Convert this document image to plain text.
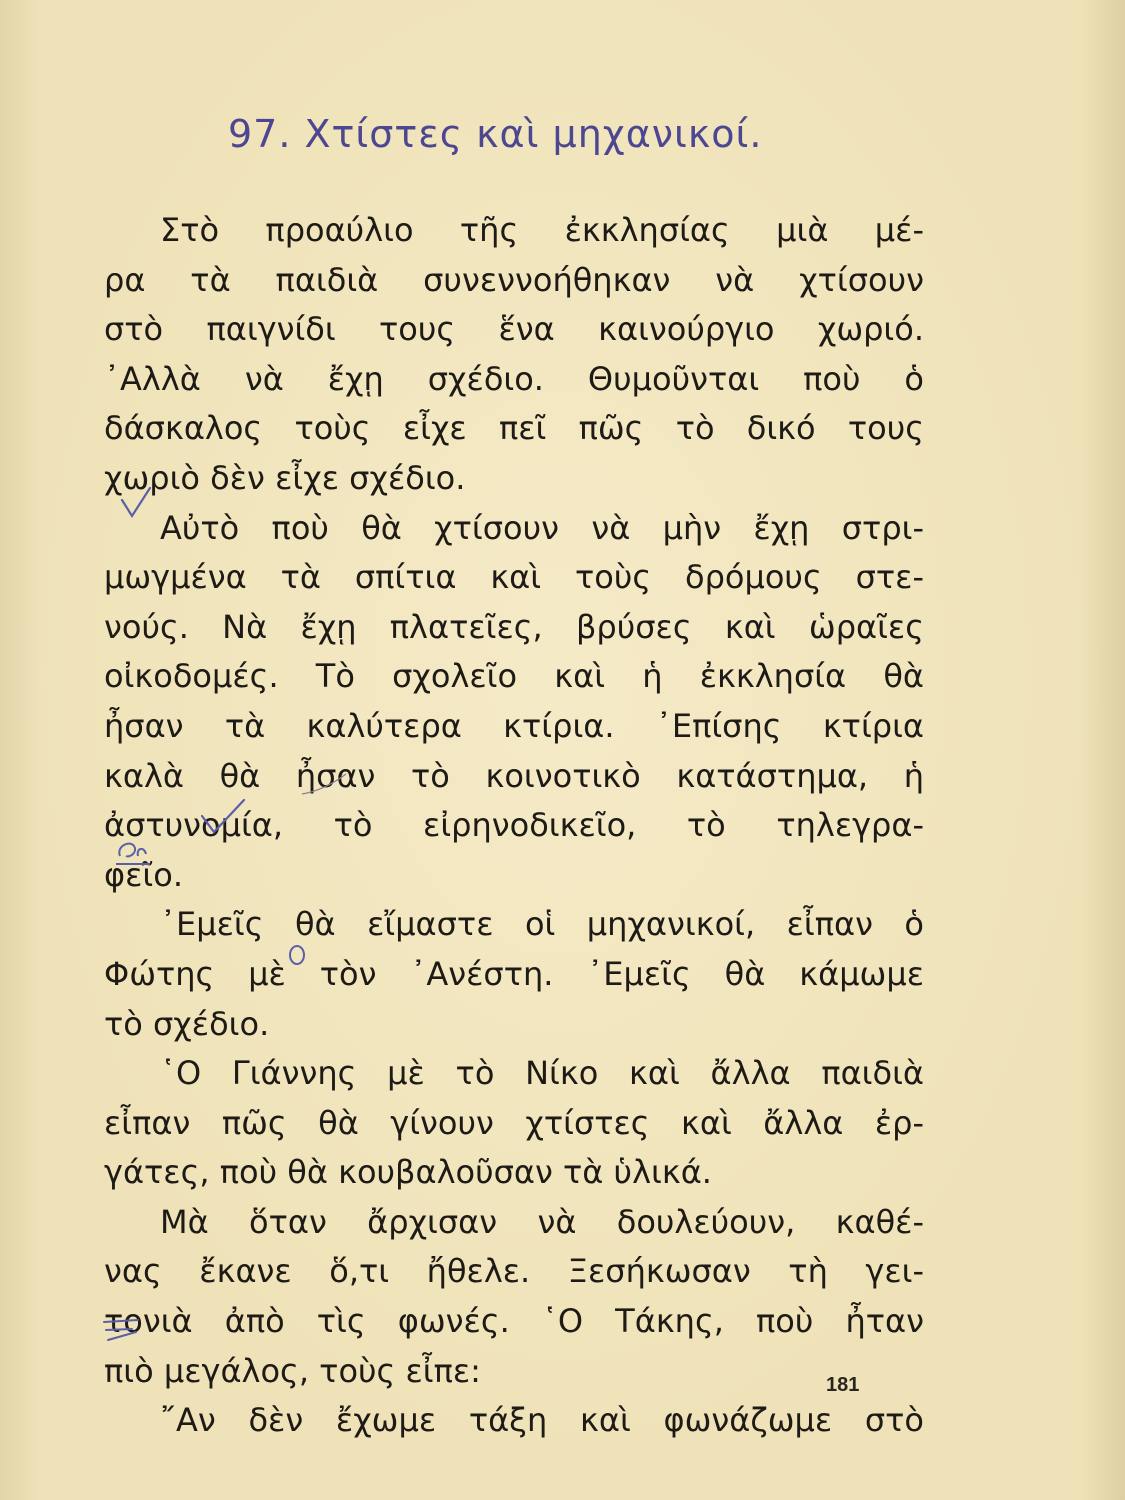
97. Χτίστες καὶ μηχανικοί.
Στὸ προαύλιο τῆς ἐκκλησίας μιὰ μέ-
ρα τὰ παιδιὰ συνεννοήθηκαν νὰ χτίσουν
στὸ παιγνίδι τους ἕνα καινούργιο χωριό.
᾿Αλλὰ νὰ ἔχῃ σχέδιο. Θυμοῦνται ποὺ ὁ
δάσκαλος τοὺς εἶχε πεῖ πῶς τὸ δικό τους
χωριὸ δὲν εἶχε σχέδιο.
Αὐτὸ ποὺ θὰ χτίσουν νὰ μὴν ἔχῃ στρι-
μωγμένα τὰ σπίτια καὶ τοὺς δρόμους στε-
νούς. Νὰ ἔχῃ πλατεῖες, βρύσες καὶ ὡραῖες
οἰκοδομές. Τὸ σχολεῖο καὶ ἡ ἐκκλησία θὰ
ἦσαν τὰ καλύτερα κτίρια. ᾿Επίσης κτίρια
καλὰ θὰ ἦσαν τὸ κοινοτικὸ κατάστημα, ἡ
ἀστυνομία, τὸ εἰρηνοδικεῖο, τὸ τηλεγρα-
φεῖο.
᾿Εμεῖς θὰ εἴμαστε οἱ μηχανικοί, εἶπαν ὁ
Φώτης μὲ τὸν ᾿Ανέστη. ᾿Εμεῖς θὰ κάμωμε
τὸ σχέδιο.
῾Ο Γιάννης μὲ τὸ Νίκο καὶ ἄλλα παιδιὰ
εἶπαν πῶς θὰ γίνουν χτίστες καὶ ἄλλα ἐρ-
γάτες, ποὺ θὰ κουβαλοῦσαν τὰ ὑλικά.
Μὰ ὅταν ἄρχισαν νὰ δουλεύουν, καθέ-
νας ἔκανε ὅ,τι ἤθελε. Ξεσήκωσαν τὴ γει-
τονιὰ ἀπὸ τὶς φωνές. ῾Ο Τάκης, ποὺ ἦταν
πιὸ μεγάλος, τοὺς εἶπε:
῎Αν δὲν ἔχωμε τάξη καὶ φωνάζωμε στὸ
181
